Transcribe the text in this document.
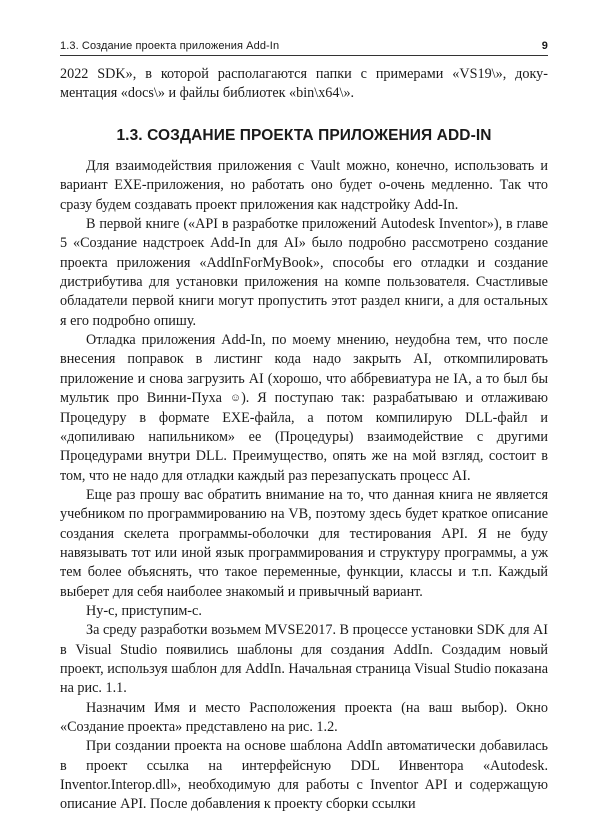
1.3. Создание проекта приложения Add-In	9

2022 SDK», в которой располагаются папки с примерами «VS19\», документация «docs\» и файлы библиотек «bin\x64\».

1.3. СОЗДАНИЕ ПРОЕКТА ПРИЛОЖЕНИЯ ADD-IN

Для взаимодействия приложения с Vault можно, конечно, использовать и вариант EXE-приложения, но работать оно будет о-очень медленно. Так что сразу будем создавать проект приложения как надстройку Add-In.

В первой книге («API в разработке приложений Autodesk Inventor»), в главе 5 «Создание надстроек Add-In для AI» было подробно рассмотрено создание проекта приложения «AddInForMyBook», способы его отладки и создание дистрибутива для установки приложения на компе пользователя. Счастливые обладатели первой книги могут пропустить этот раздел книги, а для остальных я его подробно опишу.

Отладка приложения Add-In, по моему мнению, неудобна тем, что после внесения поправок в листинг кода надо закрыть AI, откомпилировать приложение и снова загрузить AI (хорошо, что аббревиатура не IA, а то был бы мультик про Винни-Пуха ☺). Я поступаю так: разрабатываю и отлаживаю Процедуру в формате EXE-файла, а потом компилирую DLL-файл и «допиливаю напильником» ее (Процедуры) взаимодействие с другими Процедурами внутри DLL. Преимущество, опять же на мой взгляд, состоит в том, что не надо для отладки каждый раз перезапускать процесс AI.

Еще раз прошу вас обратить внимание на то, что данная книга не является учебником по программированию на VB, поэтому здесь будет краткое описание создания скелета программы-оболочки для тестирования API. Я не буду навязывать тот или иной язык программирования и структуру программы, а уж тем более объяснять, что такое переменные, функции, классы и т.п. Каждый выберет для себя наиболее знакомый и привычный вариант.

Ну-с, приступим-с.

За среду разработки возьмем MVSE2017. В процессе установки SDK для AI в Visual Studio появились шаблоны для создания AddIn. Создадим новый проект, используя шаблон для AddIn. Начальная страница Visual Studio показана на рис. 1.1.

Назначим Имя и место Расположения проекта (на ваш выбор). Окно «Создание проекта» представлено на рис. 1.2.

При создании проекта на основе шаблона AddIn автоматически добавилась в проект ссылка на интерфейсную DDL Инвентора «Autodesk. Inventor.Interop.dll», необходимую для работы с Inventor API и содержащую описание API. После добавления к проекту сборки ссылки
